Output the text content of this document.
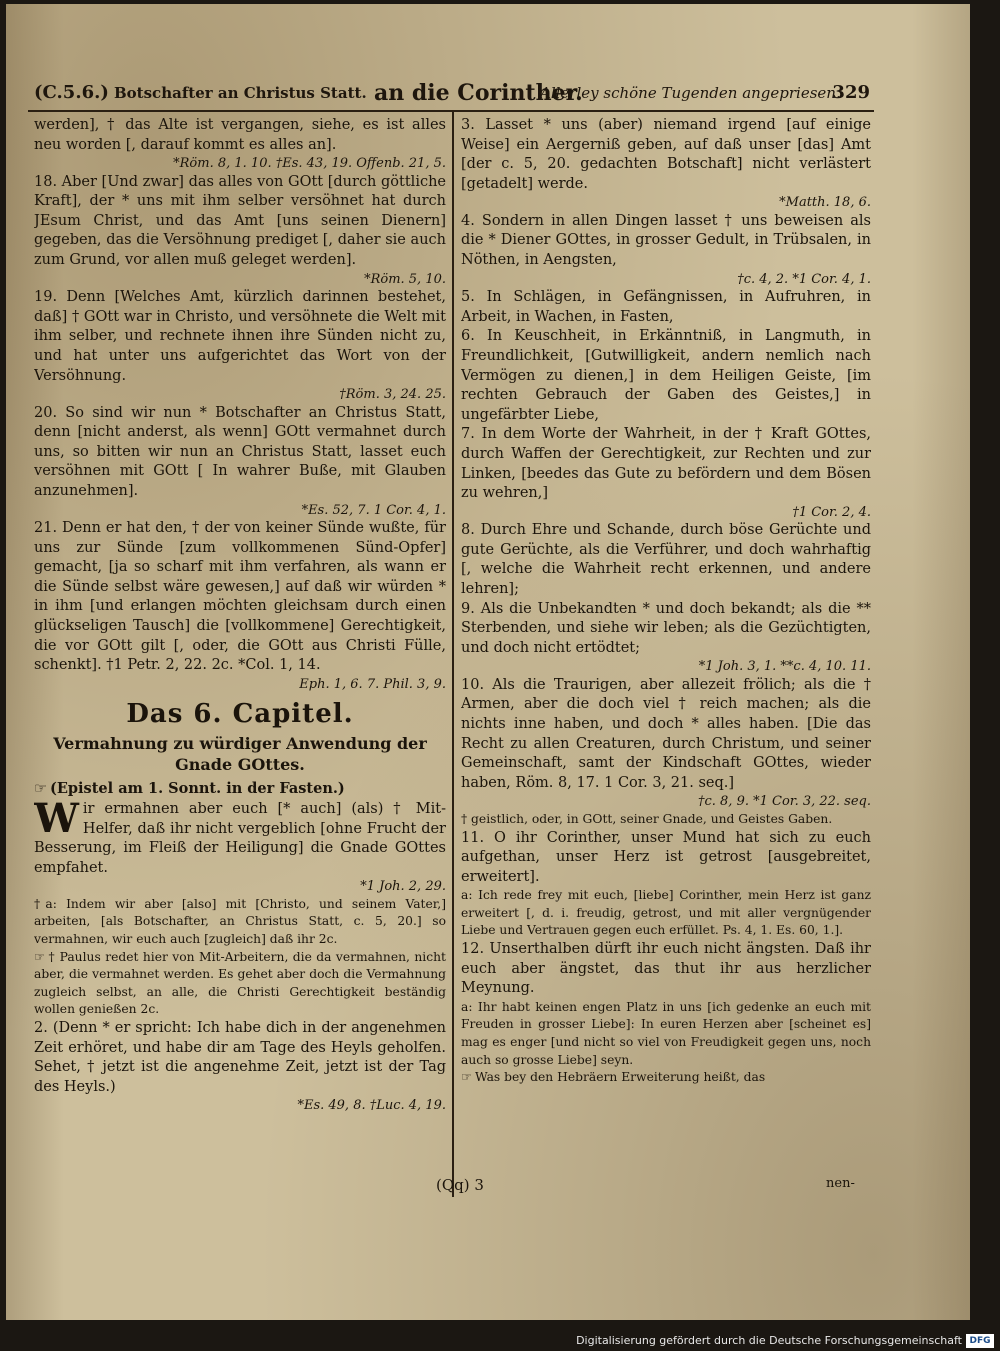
(C.5.6.) Botschafter an Christus Statt. an die Corinther.
Allerley schöne Tugenden angepriesen.
329

werden], † das Alte ist vergangen, siehe, es ist alles neu worden [, darauf kommt es alles an].

*Röm. 8, 1. 10. †Es. 43, 19. Offenb. 21, 5.

18. Aber [Und zwar] das alles von GOtt [durch göttliche Kraft], der * uns mit ihm selber versöhnet hat durch JEsum Christ, und das Amt [uns seinen Dienern] gegeben, das die Versöhnung prediget [, daher sie auch zum Grund, vor allen muß geleget werden].

*Röm. 5, 10.

19. Denn [Welches Amt, kürzlich darinnen bestehet, daß] † GOtt war in Christo, und versöhnete die Welt mit ihm selber, und rechnete ihnen ihre Sünden nicht zu, und hat unter uns aufgerichtet das Wort von der Versöhnung.

†Röm. 3, 24. 25.

20. So sind wir nun * Botschafter an Christus Statt, denn [nicht anderst, als wenn] GOtt vermahnet durch uns, so bitten wir nun an Christus Statt, lasset euch versöhnen mit GOtt [ In wahrer Buße, mit Glauben anzunehmen].

*Es. 52, 7. 1 Cor. 4, 1.

21. Denn er hat den, † der von keiner Sünde wußte, für uns zur Sünde [zum vollkommenen Sünd-Opfer] gemacht, [ja so scharf mit ihm verfahren, als wann er die Sünde selbst wäre gewesen,] auf daß wir würden * in ihm [und erlangen möchten gleichsam durch einen glückseligen Tausch] die [vollkommene] Gerechtigkeit, die vor GOtt gilt [, oder, die GOtt aus Christi Fülle, schenkt]. †1 Petr. 2, 22. 2c. *Col. 1, 14.

Eph. 1, 6. 7. Phil. 3, 9.

Das 6. Capitel.
Vermahnung zu würdiger Anwendung der Gnade GOttes.

☞ (Epistel am 1. Sonnt. in der Fasten.)

Wir ermahnen aber euch [* auch] (als) † Mit-Helfer, daß ihr nicht vergeblich [ohne Frucht der Besserung, im Fleiß der Heiligung] die Gnade GOttes empfahet.

*1 Joh. 2, 29.

†a: Indem wir aber [also] mit [Christo, und seinem Vater,] arbeiten, [als Botschafter, an Christus Statt, c. 5, 20.] so vermahnen, wir euch auch [zugleich] daß ihr 2c.

☞ † Paulus redet hier von Mit-Arbeitern, die da vermahnen, nicht aber, die vermahnet werden. Es gehet aber doch die Vermahnung zugleich selbst, an alle, die Christi Gerechtigkeit beständig wollen genießen 2c.

2. (Denn * er spricht: Ich habe dich in der angenehmen Zeit erhöret, und habe dir am Tage des Heyls geholfen. Sehet, † jetzt ist die angenehme Zeit, jetzt ist der Tag des Heyls.)

*Es. 49, 8. †Luc. 4, 19.

3. Lasset * uns (aber) niemand irgend [auf einige Weise] ein Aergerniß geben, auf daß unser [das] Amt [der c. 5, 20. gedachten Botschaft] nicht verlästert [getadelt] werde.

*Matth. 18, 6.

4. Sondern in allen Dingen lasset † uns beweisen als die * Diener GOttes, in grosser Gedult, in Trübsalen, in Nöthen, in Aengsten,

†c. 4, 2. *1 Cor. 4, 1.

5. In Schlägen, in Gefängnissen, in Aufruhren, in Arbeit, in Wachen, in Fasten,

6. In Keuschheit, in Erkänntniß, in Langmuth, in Freundlichkeit, [Gutwilligkeit, andern nemlich nach Vermögen zu dienen,] in dem Heiligen Geiste, [im rechten Gebrauch der Gaben des Geistes,] in ungefärbter Liebe,

7. In dem Worte der Wahrheit, in der † Kraft GOttes, durch Waffen der Gerechtigkeit, zur Rechten und zur Linken, [beedes das Gute zu befördern und dem Bösen zu wehren,]

†1 Cor. 2, 4.

8. Durch Ehre und Schande, durch böse Gerüchte und gute Gerüchte, als die Verführer, und doch wahrhaftig [, welche die Wahrheit recht erkennen, und andere lehren];

9. Als die Unbekandten * und doch bekandt; als die ** Sterbenden, und siehe wir leben; als die Gezüchtigten, und doch nicht ertödtet;

*1 Joh. 3, 1. **c. 4, 10. 11.

10. Als die Traurigen, aber allezeit frölich; als die † Armen, aber die doch viel † reich machen; als die nichts inne haben, und doch * alles haben. [Die das Recht zu allen Creaturen, durch Christum, und seiner Gemeinschaft, samt der Kindschaft GOttes, wieder haben, Röm. 8, 17. 1 Cor. 3, 21. seq.]

†c. 8, 9. *1 Cor. 3, 22. seq.

† geistlich, oder, in GOtt, seiner Gnade, und Geistes Gaben.

11. O ihr Corinther, unser Mund hat sich zu euch aufgethan, unser Herz ist getrost [ausgebreitet, erweitert].

a: Ich rede frey mit euch, [liebe] Corinther, mein Herz ist ganz erweitert [, d. i. freudig, getrost, und mit aller vergnügender Liebe und Vertrauen gegen euch erfüllet. Ps. 4, 1. Es. 60, 1.].

12. Unserthalben dürft ihr euch nicht ängsten. Daß ihr euch aber ängstet, das thut ihr aus herzlicher Meynung.

a: Ihr habt keinen engen Platz in uns [ich gedenke an euch mit Freuden in grosser Liebe]: In euren Herzen aber [scheinet es] mag es enger [und nicht so viel von Freudigkeit gegen uns, noch auch so grosse Liebe] seyn.

☞ Was bey den Hebräern Erweiterung heißt, das

(Qq) 3	nen-
Digitalisierung gefördert durch die Deutsche Forschungsgemeinschaft DFG
